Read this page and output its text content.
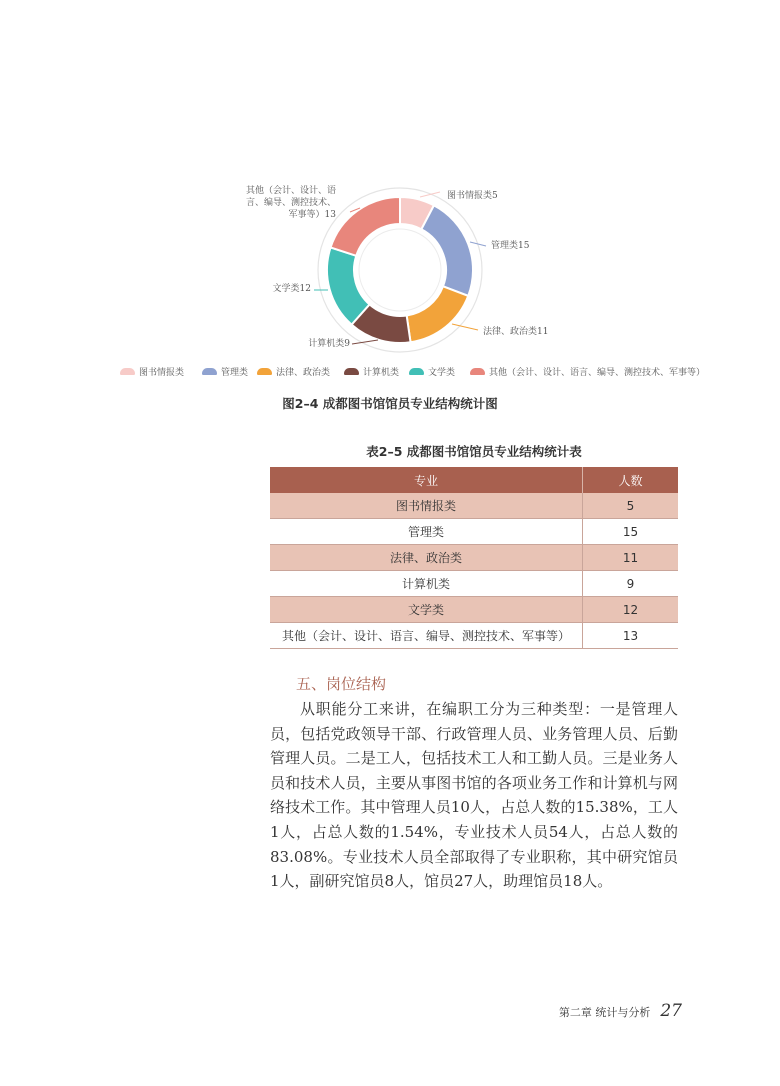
图书情报类5
管理类15
法律、政治类11
计算机类9
文学类12
其他（会计、设计、语
言、编导、测控技术、
军事等）13
图书情报类	管理类	法律、政治类	计算机类	文学类	其他（会计、设计、语言、编导、测控技术、军事等）
图2–4 成都图书馆馆员专业结构统计图
表2–5 成都图书馆馆员专业结构统计表
专业	人数
图书情报类	5
管理类	15
法律、政治类	11
计算机类	9
文学类	12
其他（会计、设计、语言、编导、测控技术、军事等）	13
五、岗位结构

从职能分工来讲，在编职工分为三种类型：一是管理人员，包括党政领导干部、行政管理人员、业务管理人员、后勤管理人员。二是工人，包括技术工人和工勤人员。三是业务人员和技术人员，主要从事图书馆的各项业务工作和计算机与网络技术工作。其中管理人员10人，占总人数的15.38%，工人1人，占总人数的1.54%，专业技术人员54人，占总人数的83.08%。专业技术人员全部取得了专业职称，其中研究馆员1人，副研究馆员8人，馆员27人，助理馆员18人。

第二章 统计与分析 27
